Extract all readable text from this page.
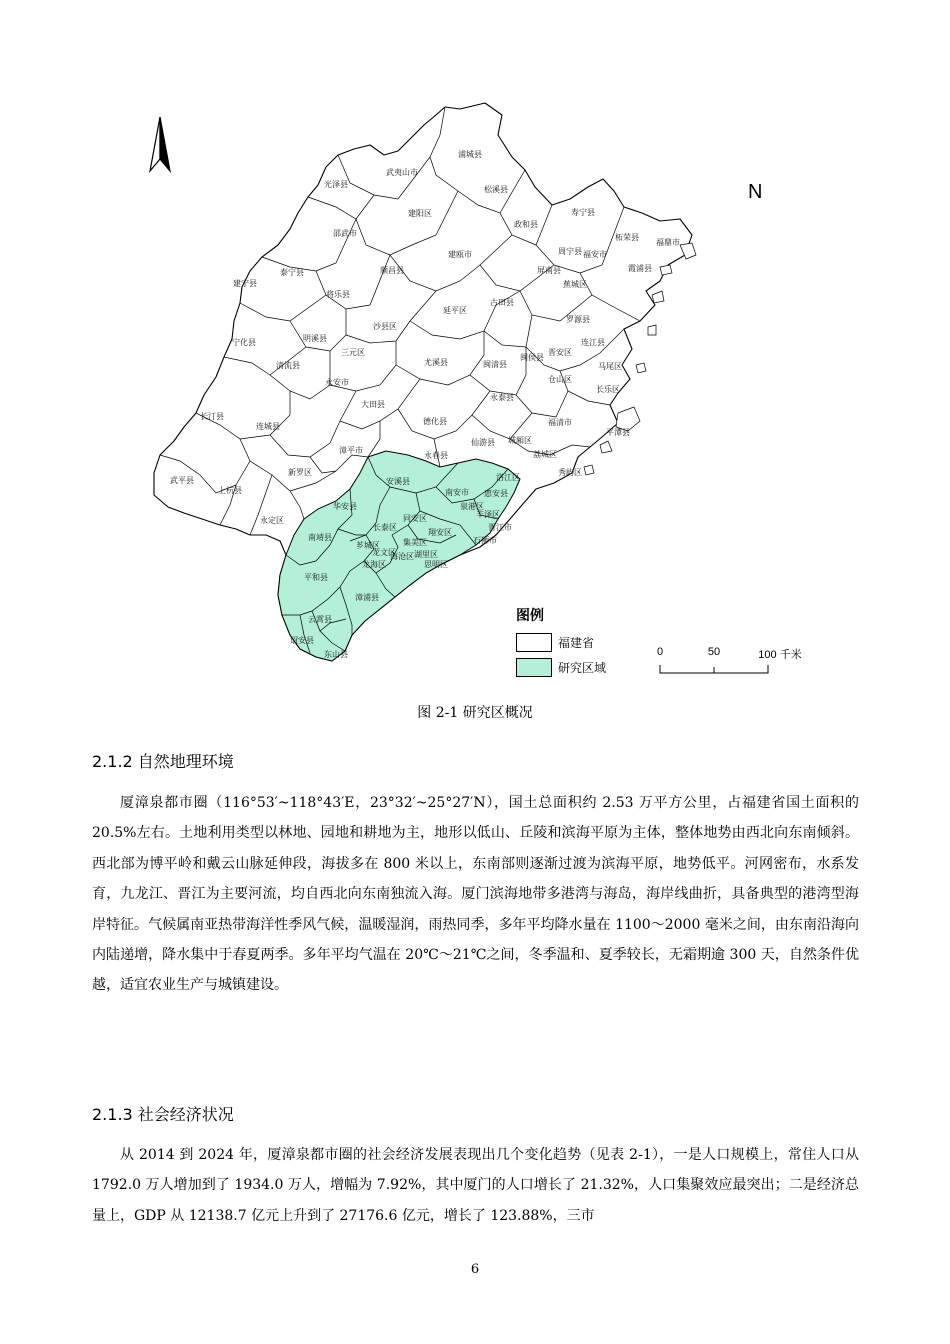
N
图例
福建省
研究区域
0	50	100 千米
浦城县
光泽县
武夷山市
松溪县
建阳区
政和县
寿宁县
柘荣县
福鼎市
邵武市
周宁县 福安市
霞浦县
泰宁县	顺昌县
建瓯市
屏南县
建宁县
将乐县
蕉城区
古田县
沙县区
延平区
罗源县
明溪县
宁化县	连江县
三元区
闽侯县
晋安区
清流县	尤溪县	闽清县	马尾区
仓山区
永安市
长乐区
大田县
永泰县
长汀县
德化县	福清市
平潭县
连城县
仙游县
漳平市
永春县
城厢区
荔城区
秀屿区
新罗区
武平县	安溪县
上杭县
洛江区
南安市 惠安县
华安县	泉港区
丰泽区
同安区
永定区
长泰区	晋江市
石狮市
翔安区
集美区
南靖县
芗城区
龙文区 湖里区
海沧区
思明区
龙海区
平和县
漳浦县
云霄县
诏安县
东山县
图 2-1 研究区概况
2.1.2 自然地理环境
厦漳泉都市圈（116°53′~118°43′E，23°32′~25°27′N），国土总面积约 2.53 万平方公里，占福建省国土面积的 20.5%左右。土地利用类型以林地、园地和耕地为主，地形以低山、丘陵和滨海平原为主体，整体地势由西北向东南倾斜。西北部为博平岭和戴云山脉延伸段，海拔多在 800 米以上，东南部则逐渐过渡为滨海平原，地势低平。河网密布，水系发育，九龙江、晋江为主要河流，均自西北向东南独流入海。厦门滨海地带多港湾与海岛，海岸线曲折，具备典型的港湾型海岸特征。气候属南亚热带海洋性季风气候，温暖湿润，雨热同季，多年平均降水量在 1100～2000 毫米之间，由东南沿海向内陆递增，降水集中于春夏两季。多年平均气温在 20℃～21℃之间，冬季温和、夏季较长，无霜期逾 300 天，自然条件优越，适宜农业生产与城镇建设。
2.1.3 社会经济状况
从 2014 到 2024 年，厦漳泉都市圈的社会经济发展表现出几个变化趋势（见表 2-1），一是人口规模上，常住人口从 1792.0 万人增加到了 1934.0 万人，增幅为 7.92%，其中厦门的人口增长了 21.32%，人口集聚效应最突出；二是经济总量上，GDP 从 12138.7 亿元上升到了 27176.6 亿元，增长了 123.88%，三市
6
